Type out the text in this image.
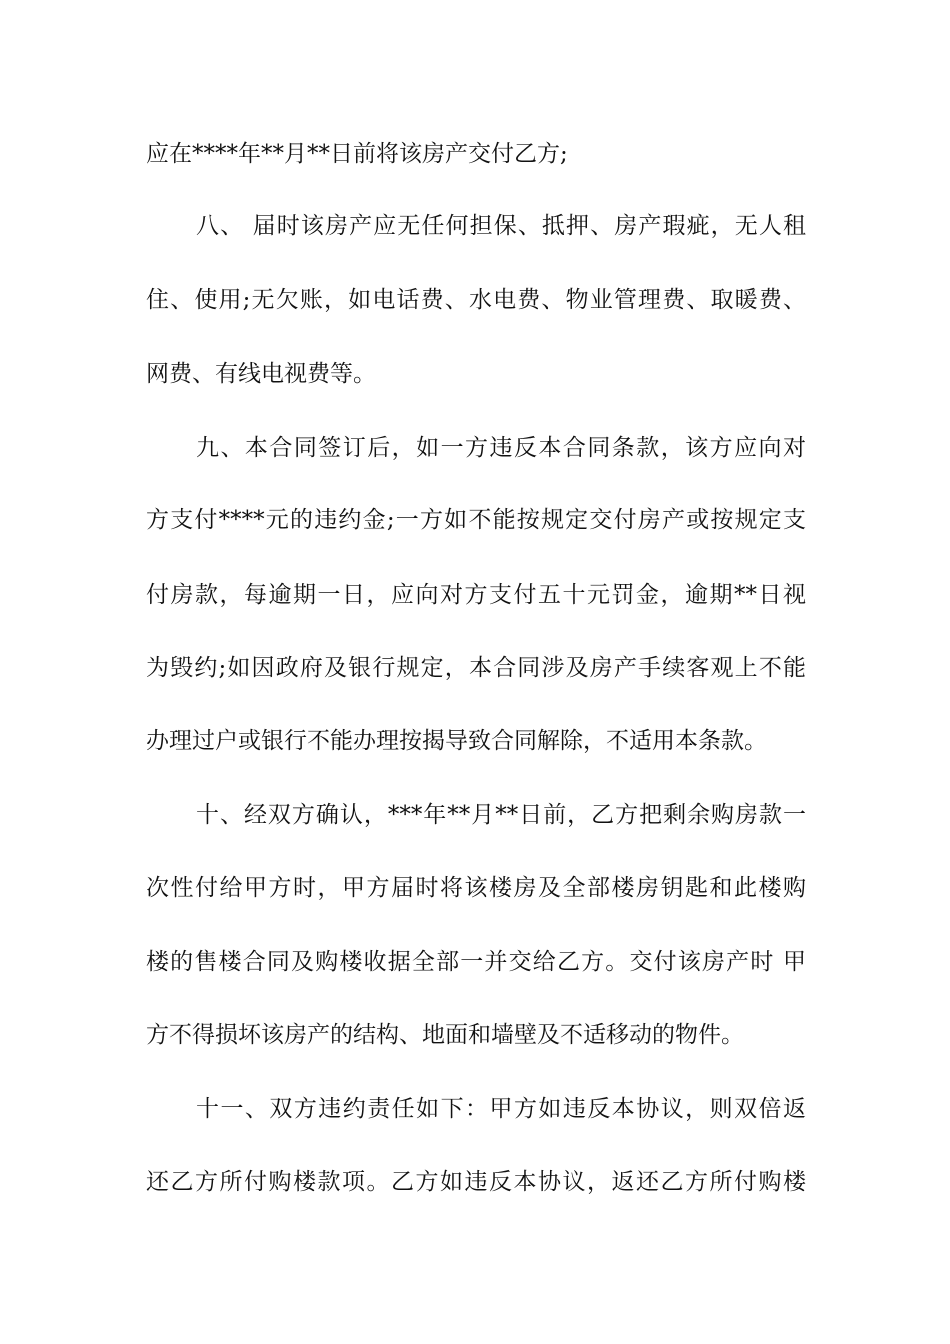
应在****年**月**日前将该房产交付乙方;
八、 届时该房产应无任何担保、抵押、房产瑕疵，无人租
住、使用;无欠账，如电话费、水电费、物业管理费、取暖费、
网费、有线电视费等。
九、本合同签订后，如一方违反本合同条款，该方应向对
方支付****元的违约金;一方如不能按规定交付房产或按规定支
付房款，每逾期一日，应向对方支付五十元罚金，逾期**日视
为毁约;如因政府及银行规定，本合同涉及房产手续客观上不能
办理过户或银行不能办理按揭导致合同解除，不适用本条款。
十、经双方确认，***年**月**日前，乙方把剩余购房款一
次性付给甲方时，甲方届时将该楼房及全部楼房钥匙和此楼购
楼的售楼合同及购楼收据全部一并交给乙方。交付该房产时 甲
方不得损坏该房产的结构、地面和墙壁及不适移动的物件。
十一、双方违约责任如下：甲方如违反本协议，则双倍返
还乙方所付购楼款项。乙方如违反本协议，返还乙方所付购楼
